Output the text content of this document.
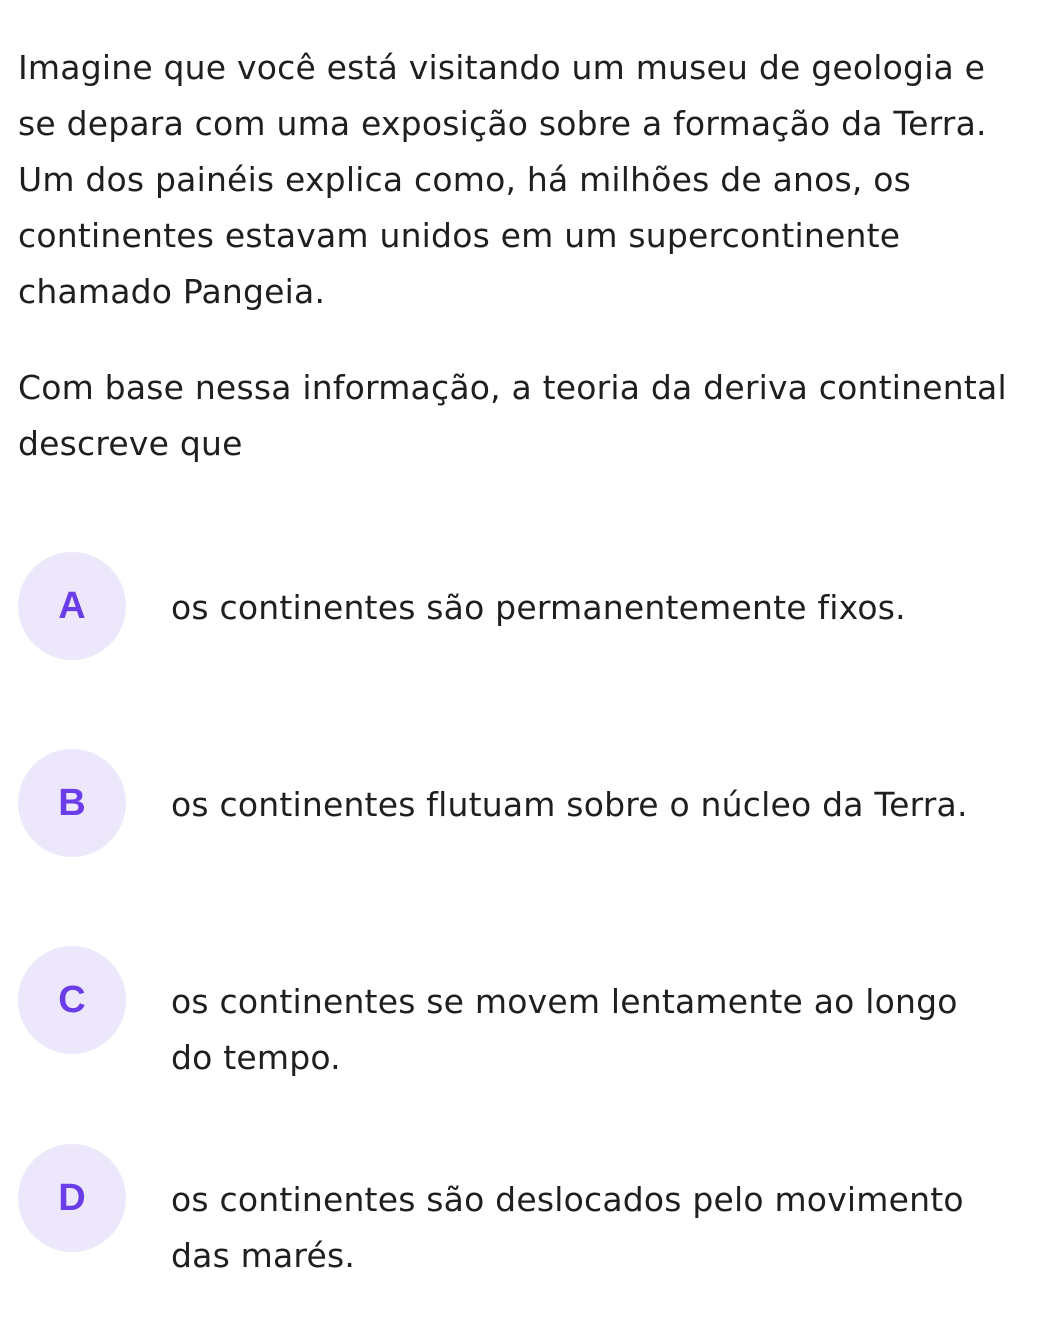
Imagine que você está visitando um museu de geologia e se depara com uma exposição sobre a formação da Terra. Um dos painéis explica como, há milhões de anos, os continentes estavam unidos em um supercontinente chamado Pangeia.

Com base nessa informação, a teoria da deriva continental descreve que

A	os continentes são permanentemente fixos.
B	os continentes flutuam sobre o núcleo da Terra.
C	os continentes se movem lentamente ao longo do tempo.
D	os continentes são deslocados pelo movimento das marés.
